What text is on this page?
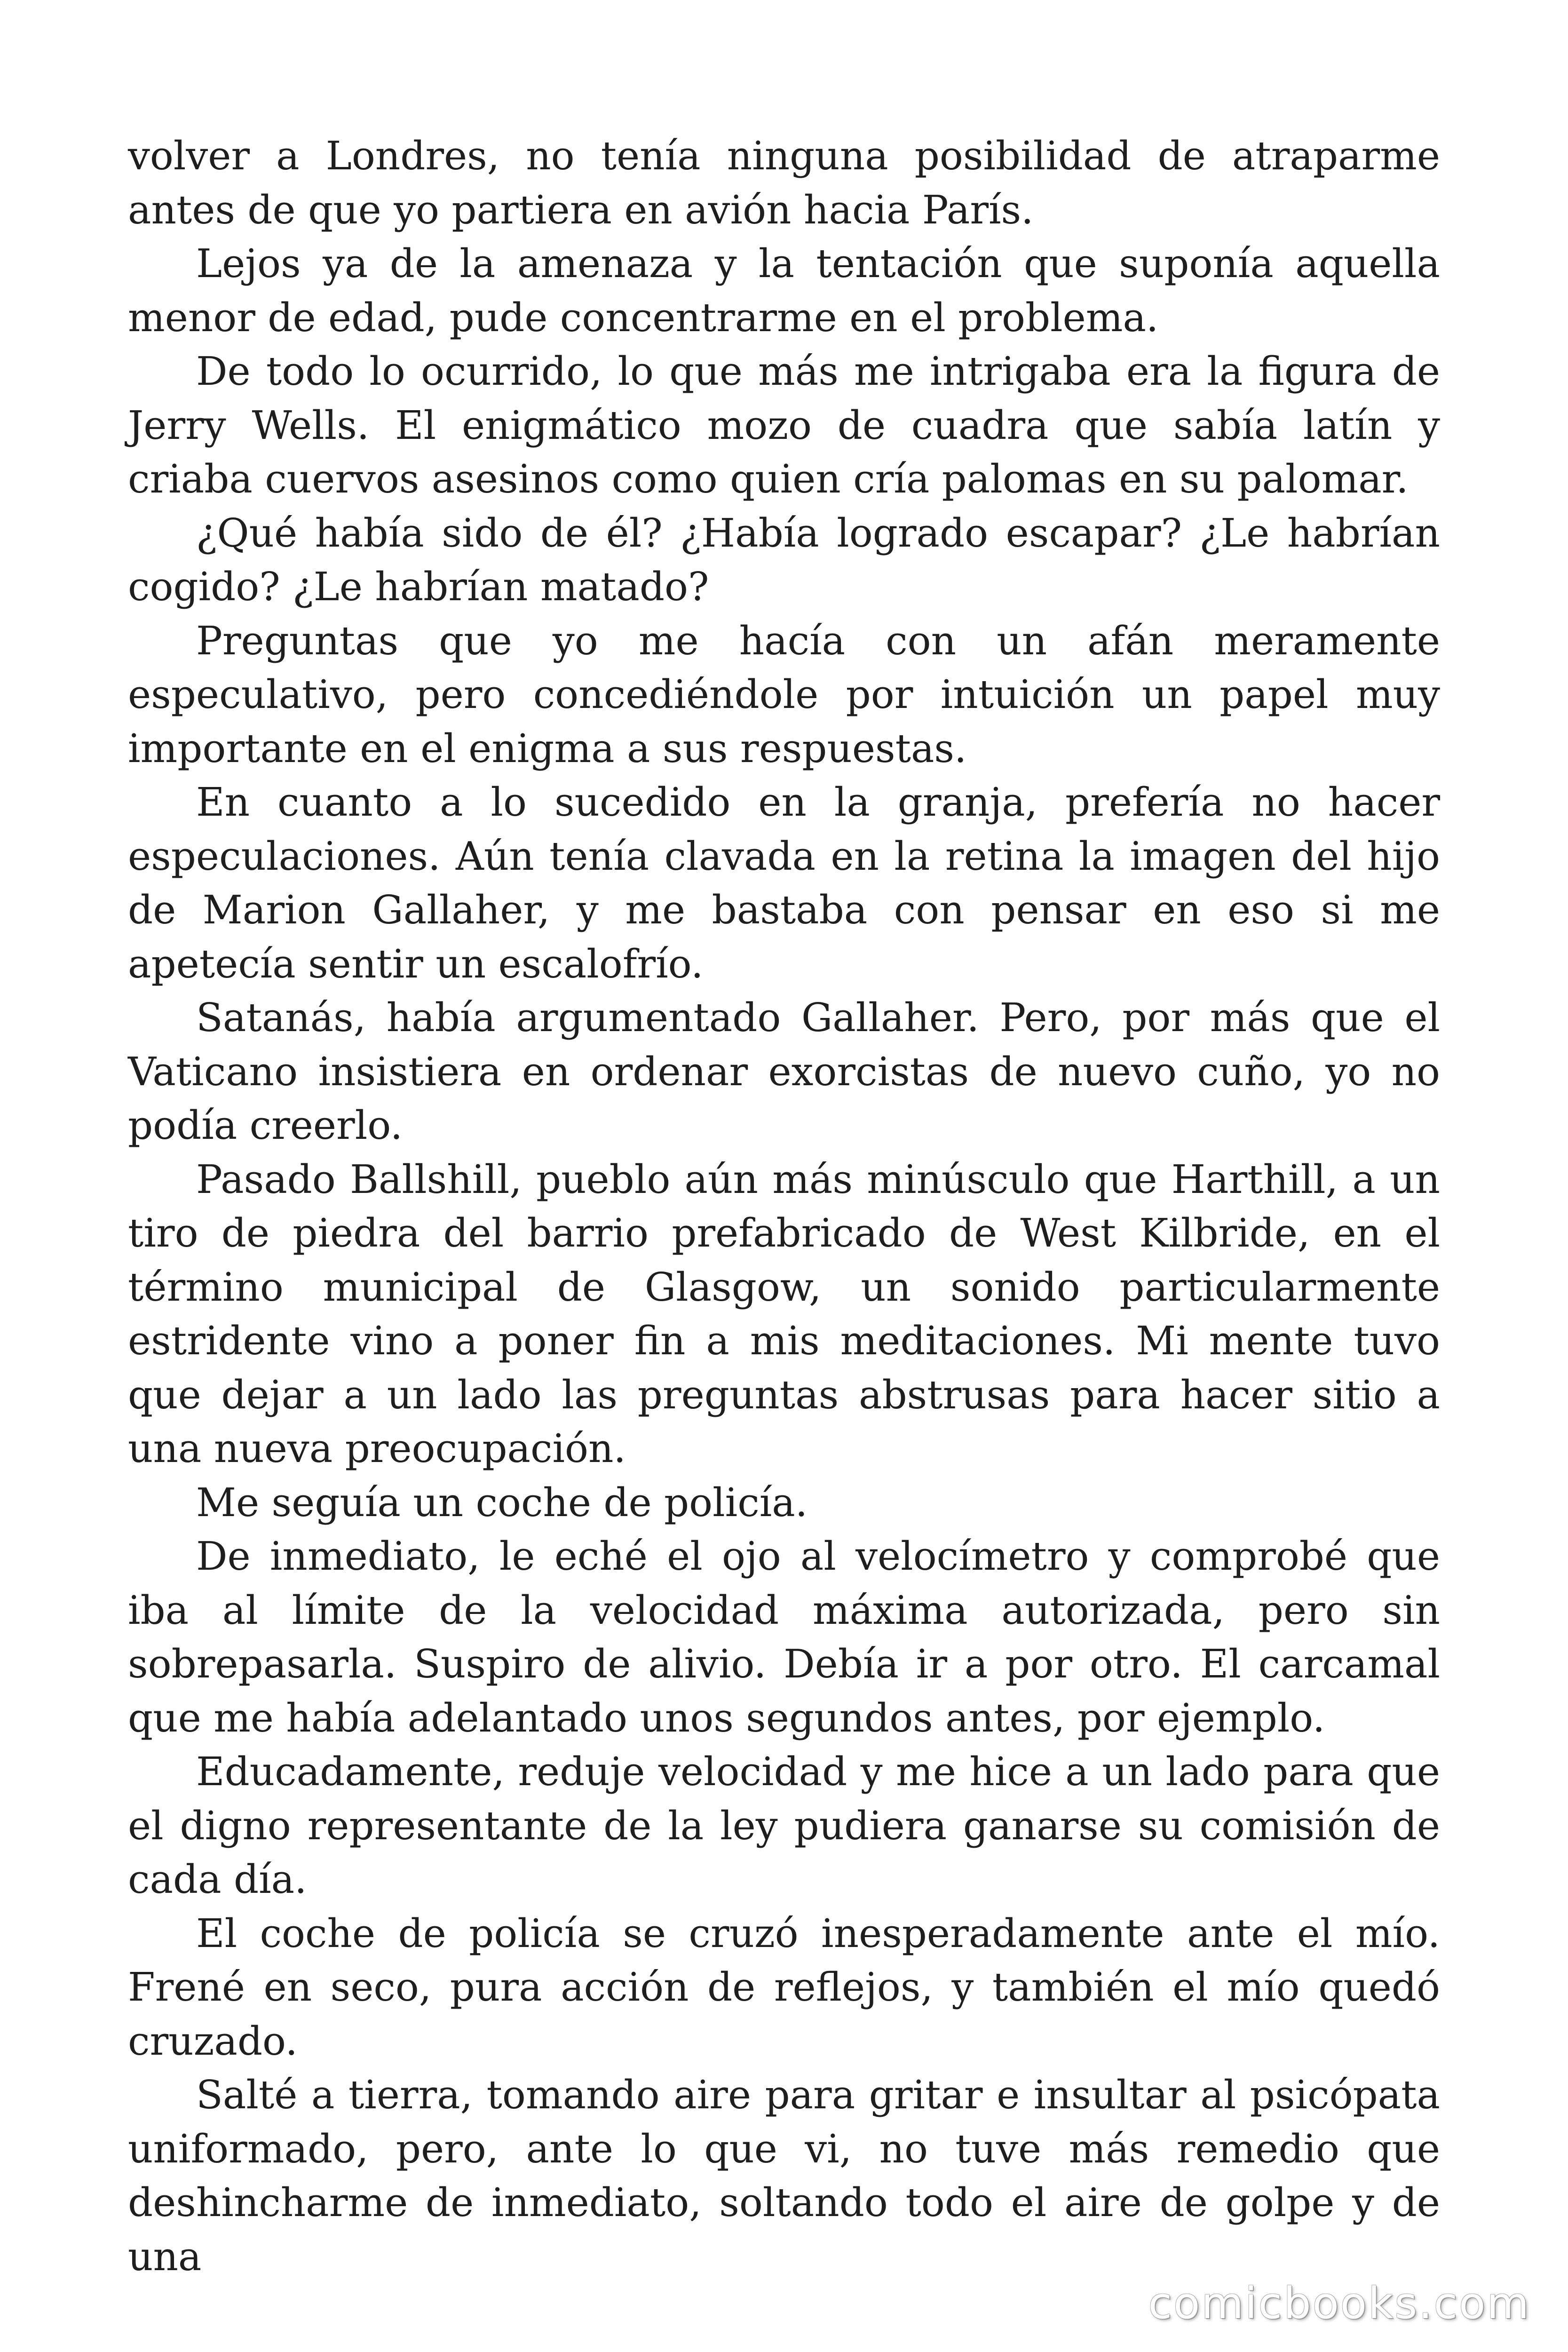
volver a Londres, no tenía ninguna posibilidad de atraparme antes de que yo partiera en avión hacia París.

Lejos ya de la amenaza y la tentación que suponía aquella menor de edad, pude concentrarme en el problema.

De todo lo ocurrido, lo que más me intrigaba era la figura de Jerry Wells. El enigmático mozo de cuadra que sabía latín y criaba cuervos asesinos como quien cría palomas en su palomar.

¿Qué había sido de él? ¿Había logrado escapar? ¿Le habrían cogido? ¿Le habrían matado?

Preguntas que yo me hacía con un afán meramente especulativo, pero concediéndole por intuición un papel muy importante en el enigma a sus respuestas.

En cuanto a lo sucedido en la granja, prefería no hacer especulaciones. Aún tenía clavada en la retina la imagen del hijo de Marion Gallaher, y me bastaba con pensar en eso si me apetecía sentir un escalofrío.

Satanás, había argumentado Gallaher. Pero, por más que el Vaticano insistiera en ordenar exorcistas de nuevo cuño, yo no podía creerlo.

Pasado Ballshill, pueblo aún más minúsculo que Harthill, a un tiro de piedra del barrio prefabricado de West Kilbride, en el término municipal de Glasgow, un sonido particularmente estridente vino a poner fin a mis meditaciones. Mi mente tuvo que dejar a un lado las preguntas abstrusas para hacer sitio a una nueva preocupación.

Me seguía un coche de policía.

De inmediato, le eché el ojo al velocímetro y comprobé que iba al límite de la velocidad máxima autorizada, pero sin sobrepasarla. Suspiro de alivio. Debía ir a por otro. El carcamal que me había adelantado unos segundos antes, por ejemplo.

Educadamente, reduje velocidad y me hice a un lado para que el digno representante de la ley pudiera ganarse su comisión de cada día.

El coche de policía se cruzó inesperadamente ante el mío. Frené en seco, pura acción de reflejos, y también el mío quedó cruzado.

Salté a tierra, tomando aire para gritar e insultar al psicópata uniformado, pero, ante lo que vi, no tuve más remedio que deshincharme de inmediato, soltando todo el aire de golpe y de una

comicbooks.com
